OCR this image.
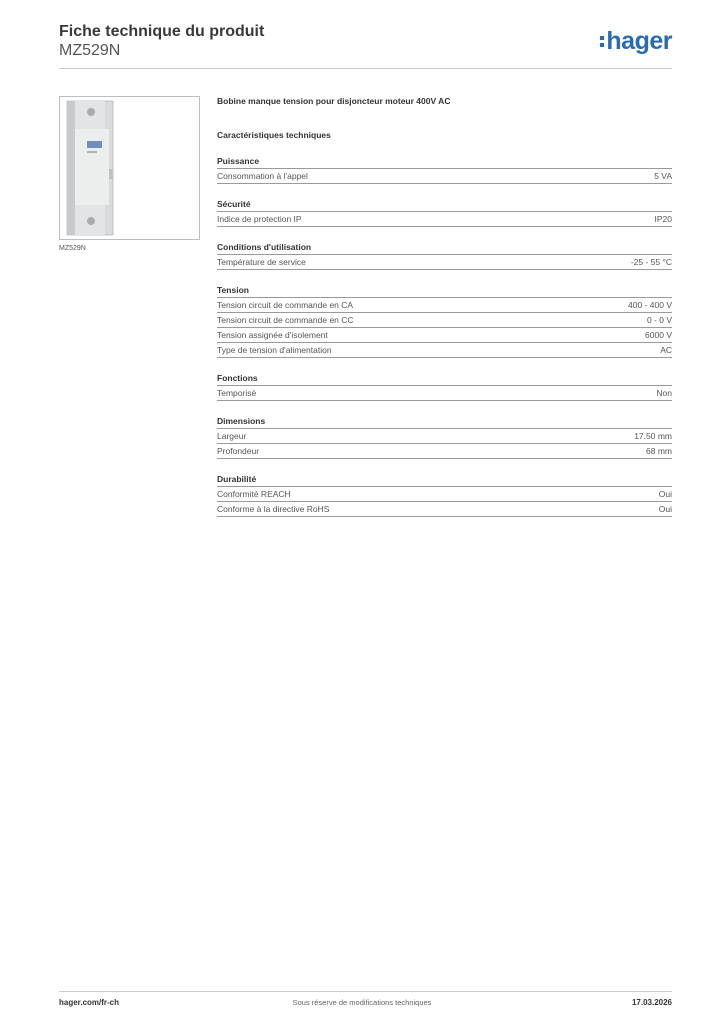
Fiche technique du produit
MZ529N	hager
MZ529N
Bobine manque tension pour disjoncteur moteur 400V AC
Caractéristiques techniques
Puissance
Consommation à l'appel	5 VA
Sécurité
Indice de protection IP	IP20
Conditions d'utilisation
Température de service	-25 - 55 °C
Tension
Tension circuit de commande en CA	400 - 400 V
Tension circuit de commande en CC	0 - 0 V
Tension assignée d'isolement	6000 V
Type de tension d'alimentation	AC
Fonctions
Temporisé	Non
Dimensions
Largeur	17.50 mm
Profondeur	68 mm
Durabilité
Conformité REACH	Oui
Conforme à la directive RoHS	Oui
hager.com/fr-ch	Sous réserve de modifications techniques	17.03.2026
